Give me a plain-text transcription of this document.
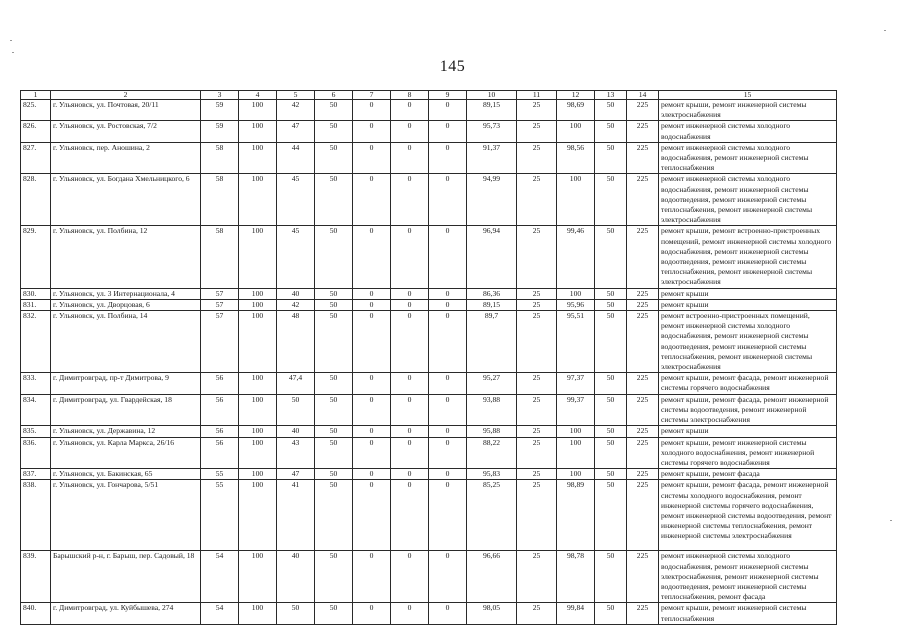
145
1	2	3	4	5	6	7	8	9	10	11	12	13	14	15
825.	г. Ульяновск, ул. Почтовая, 20/11	59	100	42	50	0	0	0	89,15	25	98,69	50	225	ремонт крыши, ремонт инженерной системы электроснабжения
826.	г. Ульяновск, ул. Ростовская, 7/2	59	100	47	50	0	0	0	95,73	25	100	50	225	ремонт инженерной системы холодного водоснабжения
827.	г. Ульяновск, пер. Аношина, 2	58	100	44	50	0	0	0	91,37	25	98,56	50	225	ремонт инженерной системы холодного водоснабжения, ремонт инженерной системы теплоснабжения
828.	г. Ульяновск, ул. Богдана Хмельницкого, 6	58	100	45	50	0	0	0	94,99	25	100	50	225	ремонт инженерной системы холодного водоснабжения, ремонт инженерной системы водоотведения, ремонт инженерной системы теплоснабжения, ремонт инженерной системы электроснабжения
829.	г. Ульяновск, ул. Полбина, 12	58	100	45	50	0	0	0	96,94	25	99,46	50	225	ремонт крыши, ремонт встроенно-пристроенных помещений, ремонт инженерной системы холодного водоснабжения, ремонт инженерной системы водоотведения, ремонт инженерной системы теплоснабжения, ремонт инженерной системы электроснабжения
830.	г. Ульяновск, ул. 3 Интернационала, 4	57	100	40	50	0	0	0	86,36	25	100	50	225	ремонт крыши
831.	г. Ульяновск, ул. Дворцовая, 6	57	100	42	50	0	0	0	89,15	25	95,96	50	225	ремонт крыши
832.	г. Ульяновск, ул. Полбина, 14	57	100	48	50	0	0	0	89,7	25	95,51	50	225	ремонт встроенно-пристроенных помещений, ремонт инженерной системы холодного водоснабжения, ремонт инженерной системы водоотведения, ремонт инженерной системы теплоснабжения, ремонт инженерной системы электроснабжения
833.	г. Димитровград, пр-т Димитрова, 9	56	100	47,4	50	0	0	0	95,27	25	97,37	50	225	ремонт крыши, ремонт фасада, ремонт инженерной системы горячего водоснабжения
834.	г. Димитровград, ул. Гвардейская, 18	56	100	50	50	0	0	0	93,88	25	99,37	50	225	ремонт крыши, ремонт фасада, ремонт инженерной системы водоотведения, ремонт инженерной системы электроснабжения
835.	г. Ульяновск, ул. Державина, 12	56	100	40	50	0	0	0	95,88	25	100	50	225	ремонт крыши
836.	г. Ульяновск, ул. Карла Маркса, 26/16	56	100	43	50	0	0	0	88,22	25	100	50	225	ремонт крыши, ремонт инженерной системы холодного водоснабжения, ремонт инженерной системы горячего водоснабжения
837.	г. Ульяновск, ул. Бакинская, 65	55	100	47	50	0	0	0	95,83	25	100	50	225	ремонт крыши, ремонт фасада
838.	г. Ульяновск, ул. Гончарова, 5/51	55	100	41	50	0	0	0	85,25	25	98,89	50	225	ремонт крыши, ремонт фасада, ремонт инженерной системы холодного водоснабжения, ремонт инженерной системы горячего водоснабжения, ремонт инженерной системы водоотведения, ремонт инженерной системы теплоснабжения, ремонт инженерной системы электроснабжения
839.	Барышский р-н, г. Барыш, пер. Садовый, 18	54	100	40	50	0	0	0	96,66	25	98,78	50	225	ремонт инженерной системы холодного водоснабжения, ремонт инженерной системы электроснабжения, ремонт инженерной системы водоотведения, ремонт инженерной системы теплоснабжения, ремонт фасада
840.	г. Димитровград, ул. Куйбышева, 274	54	100	50	50	0	0	0	98,05	25	99,84	50	225	ремонт крыши, ремонт инженерной системы теплоснабжения
